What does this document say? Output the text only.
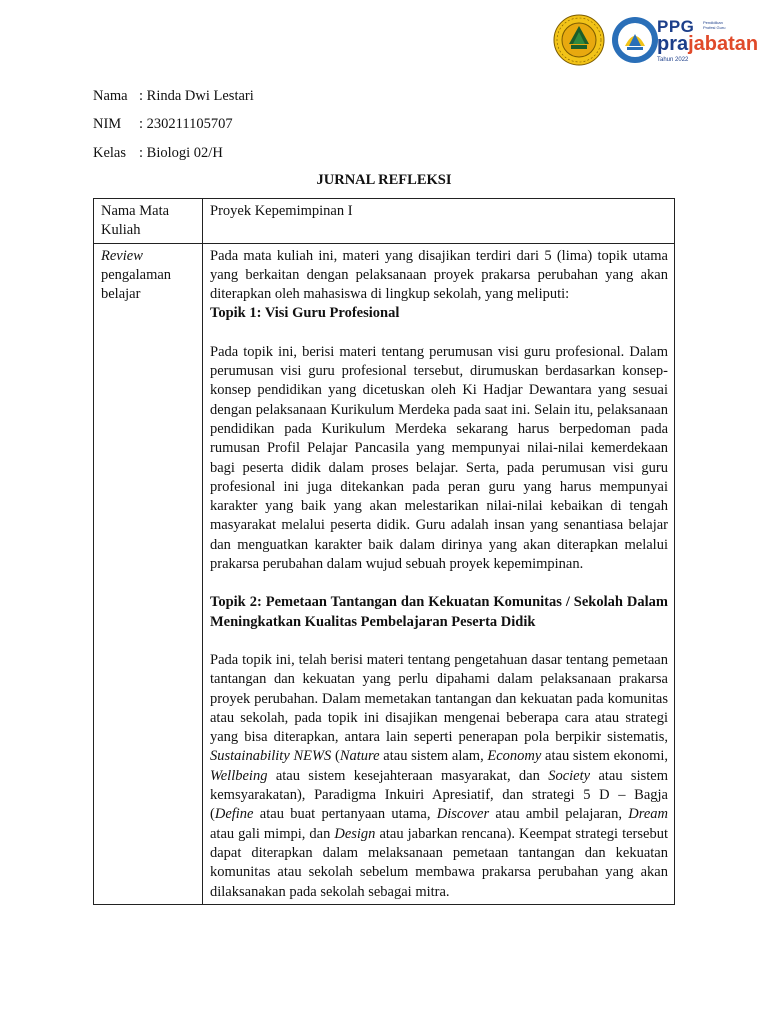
PPG Pendidikan Profesi Guru
prajabatan
Tahun 2022
Nama : Rinda Dwi Lestari
NIM : 230211105707
Kelas : Biologi 02/H
JURNAL REFLEKSI
Nama Mata Kuliah	Proyek Kepemimpinan I
Review pengalaman belajar	Pada mata kuliah ini, materi yang disajikan terdiri dari 5 (lima) topik utama yang berkaitan dengan pelaksanaan proyek prakarsa perubahan yang akan diterapkan oleh mahasiswa di lingkup sekolah, yang meliputi:

Topik 1: Visi Guru Profesional

Pada topik ini, berisi materi tentang perumusan visi guru profesional. Dalam perumusan visi guru profesional tersebut, dirumuskan berdasarkan konsep-konsep pendidikan yang dicetuskan oleh Ki Hadjar Dewantara yang sesuai dengan pelaksanaan Kurikulum Merdeka pada saat ini. Selain itu, pelaksanaan pendidikan pada Kurikulum Merdeka sekarang harus berpedoman pada rumusan Profil Pelajar Pancasila yang mempunyai nilai-nilai kemerdekaan bagi peserta didik dalam proses belajar. Serta, pada perumusan visi guru profesional ini juga ditekankan pada peran guru yang harus mempunyai karakter yang baik yang akan melestarikan nilai-nilai kebaikan di tengah masyarakat melalui peserta didik. Guru adalah insan yang senantiasa belajar dan menguatkan karakter baik dalam dirinya yang akan diterapkan melalui prakarsa perubahan dalam wujud sebuah proyek kepemimpinan.

Topik 2: Pemetaan Tantangan dan Kekuatan Komunitas / Sekolah Dalam Meningkatkan Kualitas Pembelajaran Peserta Didik

Pada topik ini, telah berisi materi tentang pengetahuan dasar tentang pemetaan tantangan dan kekuatan yang perlu dipahami dalam pelaksanaan prakarsa proyek perubahan. Dalam memetakan tantangan dan kekuatan pada komunitas atau sekolah, pada topik ini disajikan mengenai beberapa cara atau strategi yang bisa diterapkan, antara lain seperti penerapan pola berpikir sistematis, Sustainability NEWS (Nature atau sistem alam, Economy atau sistem ekonomi, Wellbeing atau sistem kesejahteraan masyarakat, dan Society atau sistem kemsyarakatan), Paradigma Inkuiri Apresiatif, dan strategi 5 D – Bagja (Define atau buat pertanyaan utama, Discover atau ambil pelajaran, Dream atau gali mimpi, dan Design atau jabarkan rencana). Keempat strategi tersebut dapat diterapkan dalam melaksanaan pemetaan tantangan dan kekuatan komunitas atau sekolah sebelum membawa prakarsa perubahan yang akan dilaksanakan pada sekolah sebagai mitra.
